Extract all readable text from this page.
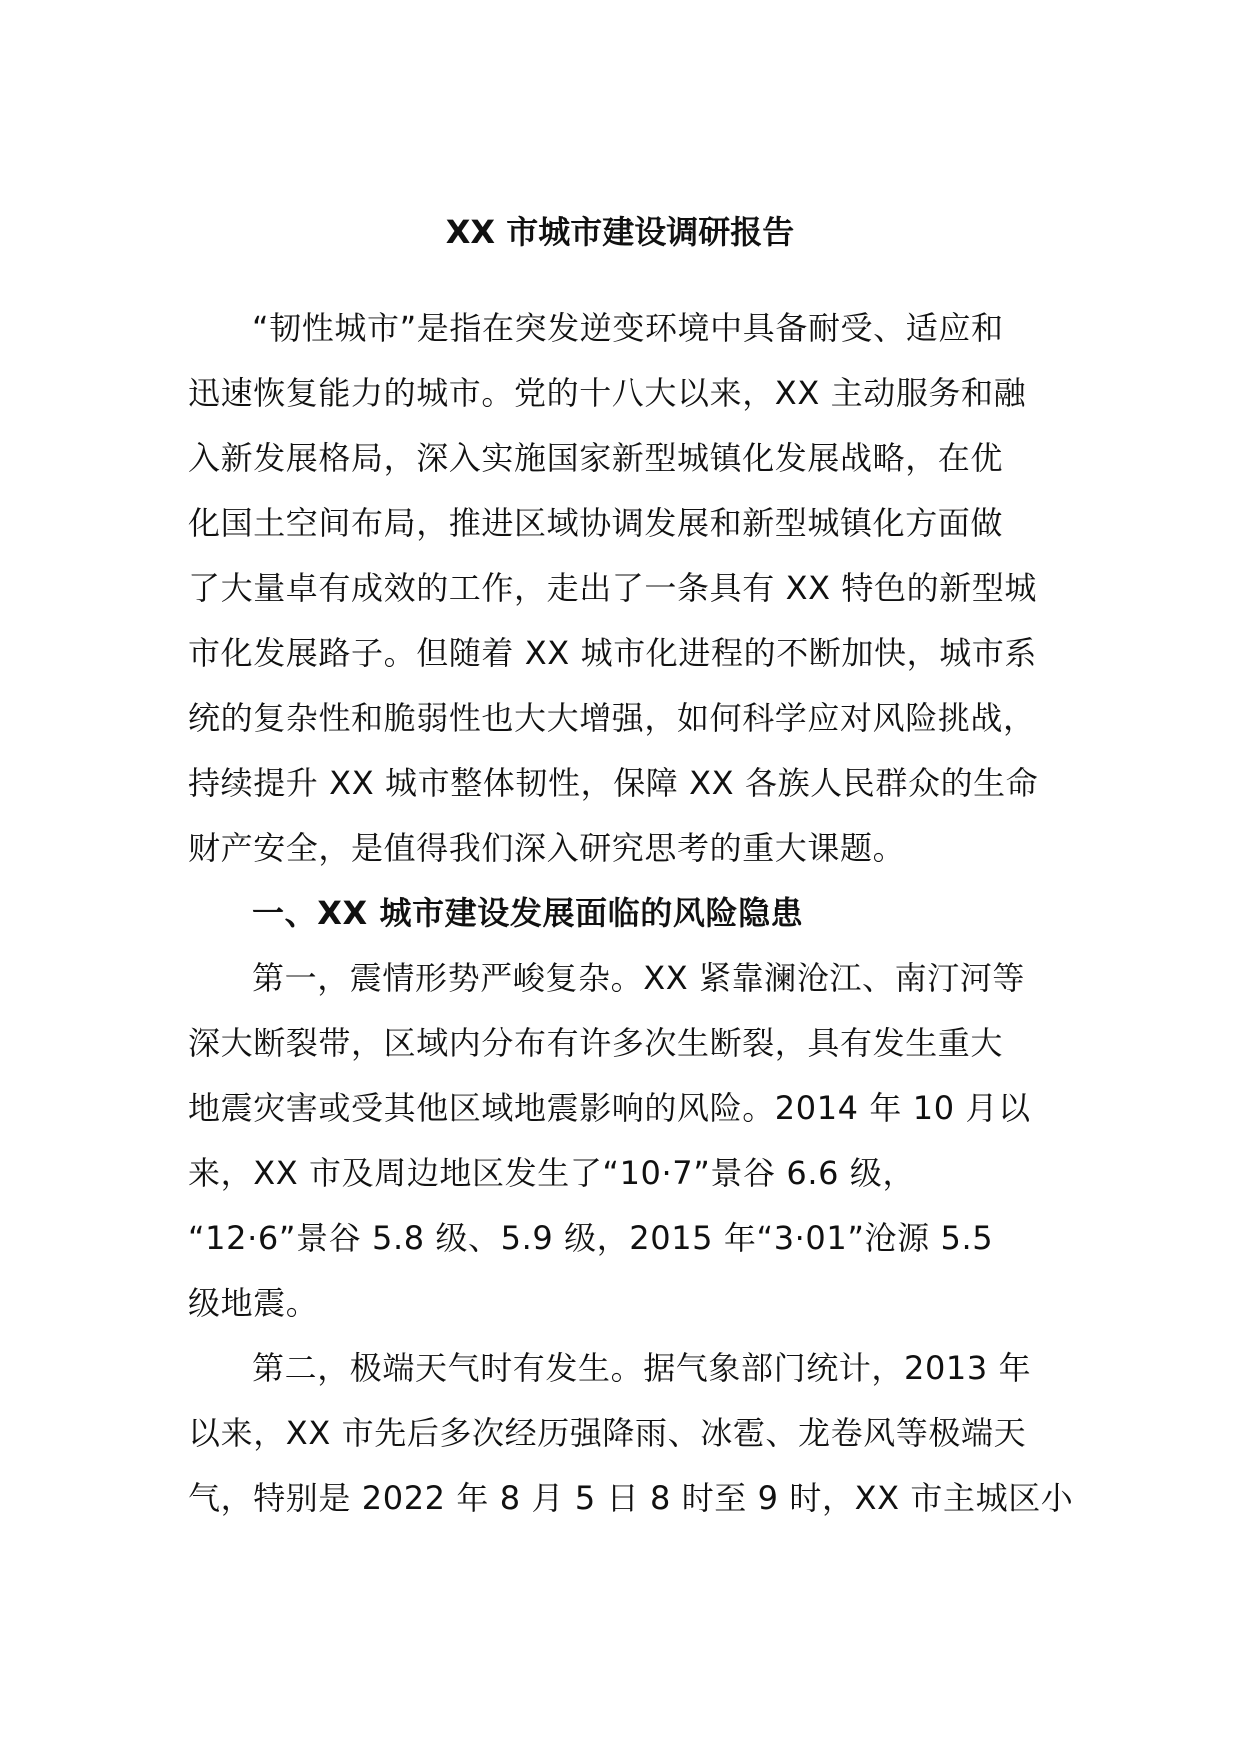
XX 市城市建设调研报告

“韧性城市”是指在突发逆变环境中具备耐受、适应和
迅速恢复能力的城市。党的十八大以来，XX 主动服务和融
入新发展格局，深入实施国家新型城镇化发展战略，在优
化国土空间布局，推进区域协调发展和新型城镇化方面做
了大量卓有成效的工作，走出了一条具有 XX 特色的新型城
市化发展路子。但随着 XX 城市化进程的不断加快，城市系
统的复杂性和脆弱性也大大增强，如何科学应对风险挑战，
持续提升 XX 城市整体韧性，保障 XX 各族人民群众的生命
财产安全，是值得我们深入研究思考的重大课题。

一、XX 城市建设发展面临的风险隐患

第一，震情形势严峻复杂。XX 紧靠澜沧江、南汀河等
深大断裂带，区域内分布有许多次生断裂，具有发生重大
地震灾害或受其他区域地震影响的风险。2014 年 10 月以
来，XX 市及周边地区发生了“10·7”景谷 6.6 级，
“12·6”景谷 5.8 级、5.9 级，2015 年“3·01”沧源 5.5
级地震。

第二，极端天气时有发生。据气象部门统计，2013 年
以来，XX 市先后多次经历强降雨、冰雹、龙卷风等极端天
气，特别是 2022 年 8 月 5 日 8 时至 9 时，XX 市主城区小
